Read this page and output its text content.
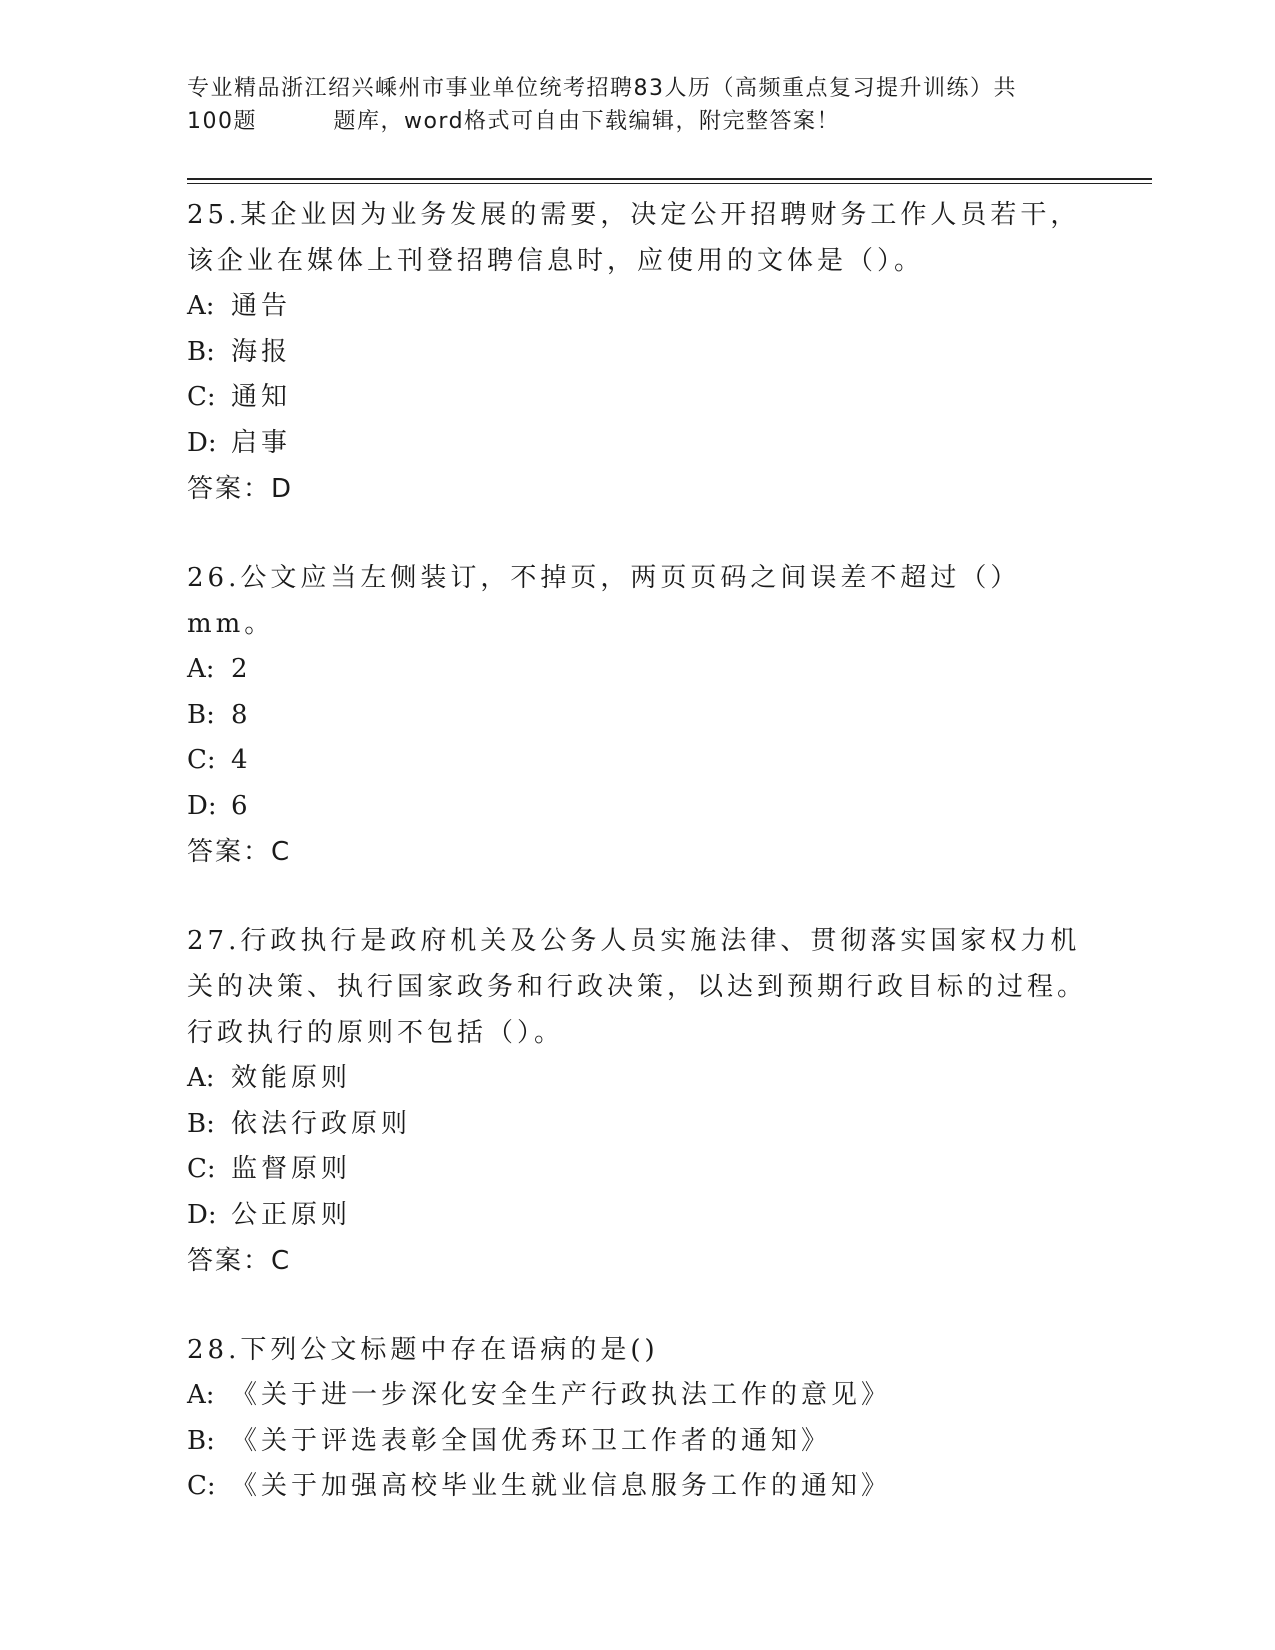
专业精品浙江绍兴嵊州市事业单位统考招聘83人历（高频重点复习提升训练）共

100题	题库，word格式可自由下载编辑，附完整答案！

25.某企业因为业务发展的需要，决定公开招聘财务工作人员若干，该企业在媒体上刊登招聘信息时，应使用的文体是（）。

A: 通告

B: 海报

C: 通知

D: 启事

答案：D

26.公文应当左侧装订，不掉页，两页页码之间误差不超过（）mm。

A: 2

B: 8

C: 4

D: 6

答案：C

27.行政执行是政府机关及公务人员实施法律、贯彻落实国家权力机关的决策、执行国家政务和行政决策，以达到预期行政目标的过程。行政执行的原则不包括（）。

A: 效能原则

B: 依法行政原则

C: 监督原则

D: 公正原则

答案：C

28.下列公文标题中存在语病的是()

A: 《关于进一步深化安全生产行政执法工作的意见》

B: 《关于评选表彰全国优秀环卫工作者的通知》

C: 《关于加强高校毕业生就业信息服务工作的通知》
